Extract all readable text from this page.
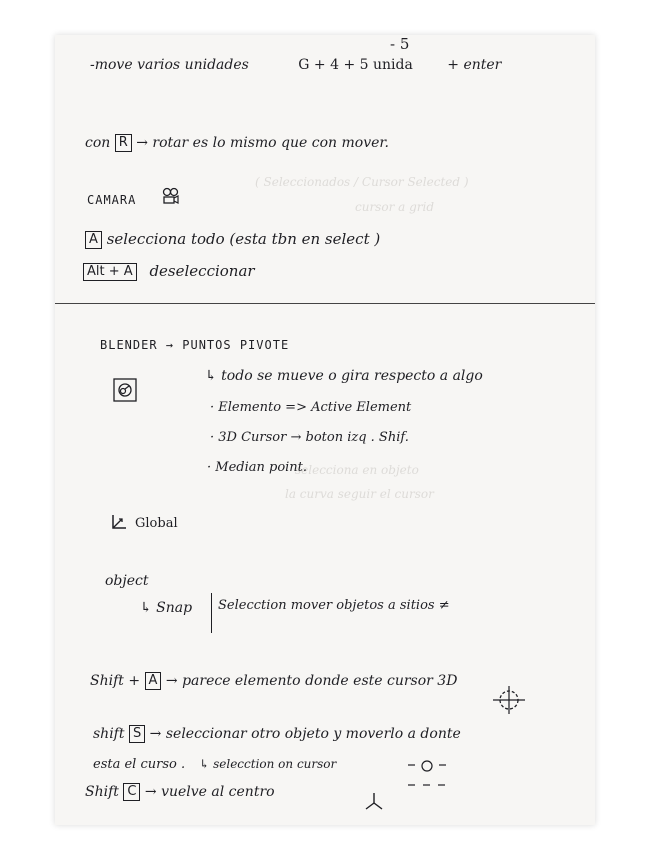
( Seleccionados / Cursor Selected )
cursor a grid
selecciona en objeto
la curva seguir el cursor
- 5
-move varios unidades	G + 4 + 5 unida + enter
con R → rotar es lo mismo que con mover.
CAMARA
A selecciona todo (esta tbn en select )
Alt + A deseleccionar
BLENDER → PUNTOS PIVOTE
↳ todo se mueve o gira respecto a algo
· Elemento => Active Element
· 3D Cursor → boton izq . Shif.
· Median point.
Global
object
↳ Snap Selecction mover objetos a sitios ≠
Shift + A → parece elemento donde este cursor 3D
shift S → seleccionar otro objeto y moverlo a donte
esta el curso . ↳ selecction on cursor
Shift C → vuelve al centro
